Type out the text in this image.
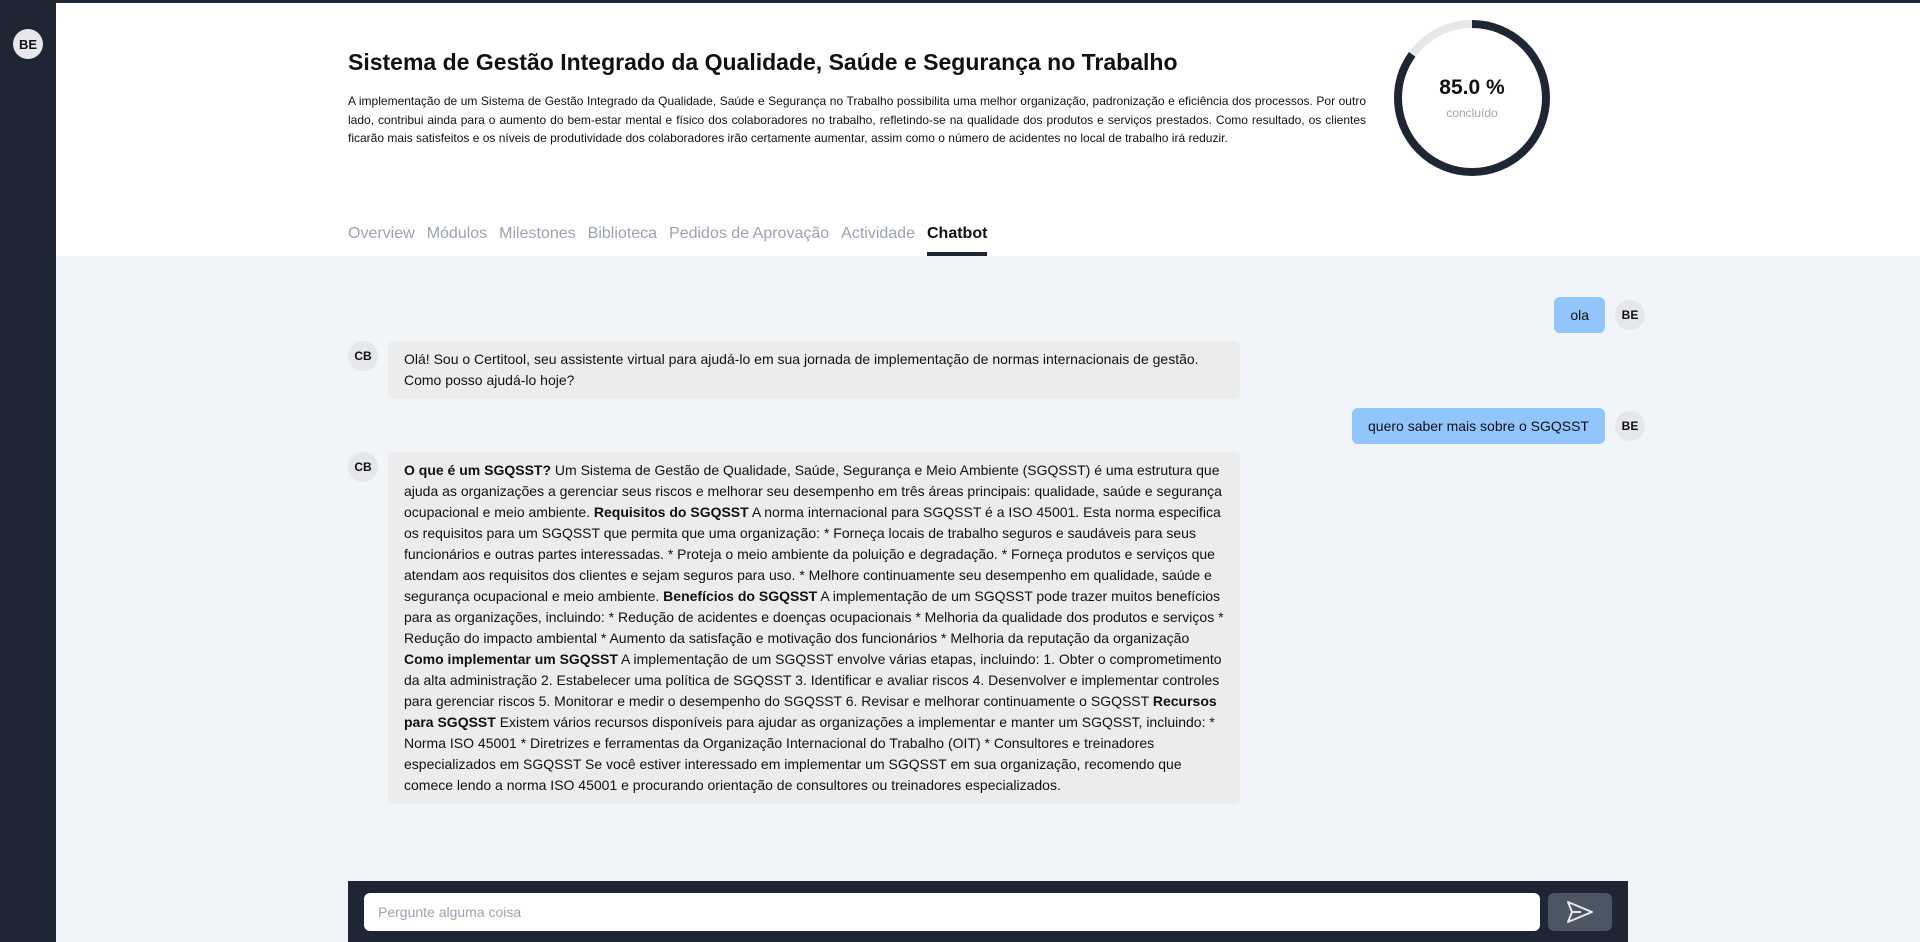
BE
Sistema de Gestão Integrado da Qualidade, Saúde e Segurança no Trabalho

A implementação de um Sistema de Gestão Integrado da Qualidade, Saúde e Segurança no Trabalho possibilita uma melhor organização, padronização e eficiência dos processos. Por outro lado, contribui ainda para o aumento do bem-estar mental e físico dos colaboradores no trabalho, refletindo-se na qualidade dos produtos e serviços prestados. Como resultado, os clientes ficarão mais satisfeitos e os níveis de produtividade dos colaboradores irão certamente aumentar, assim como o número de acidentes no local de trabalho irá reduzir.

85.0 %
concluído
Overview Módulos Milestones Biblioteca Pedidos de Aprovação Actividade Chatbot
ola	BE
CB	Olá! Sou o Certitool, seu assistente virtual para ajudá-lo em sua jornada de implementação de normas internacionais de gestão. Como posso ajudá-lo hoje?
quero saber mais sobre o SGQSST	BE
CB	O que é um SGQSST? Um Sistema de Gestão de Qualidade, Saúde, Segurança e Meio Ambiente (SGQSST) é uma estrutura que ajuda as organizações a gerenciar seus riscos e melhorar seu desempenho em três áreas principais: qualidade, saúde e segurança ocupacional e meio ambiente. Requisitos do SGQSST A norma internacional para SGQSST é a ISO 45001. Esta norma especifica os requisitos para um SGQSST que permita que uma organização: * Forneça locais de trabalho seguros e saudáveis para seus funcionários e outras partes interessadas. * Proteja o meio ambiente da poluição e degradação. * Forneça produtos e serviços que atendam aos requisitos dos clientes e sejam seguros para uso. * Melhore continuamente seu desempenho em qualidade, saúde e segurança ocupacional e meio ambiente. Benefícios do SGQSST A implementação de um SGQSST pode trazer muitos benefícios para as organizações, incluindo: * Redução de acidentes e doenças ocupacionais * Melhoria da qualidade dos produtos e serviços * Redução do impacto ambiental * Aumento da satisfação e motivação dos funcionários * Melhoria da reputação da organização Como implementar um SGQSST A implementação de um SGQSST envolve várias etapas, incluindo: 1. Obter o comprometimento da alta administração 2. Estabelecer uma política de SGQSST 3. Identificar e avaliar riscos 4. Desenvolver e implementar controles para gerenciar riscos 5. Monitorar e medir o desempenho do SGQSST 6. Revisar e melhorar continuamente o SGQSST Recursos para SGQSST Existem vários recursos disponíveis para ajudar as organizações a implementar e manter um SGQSST, incluindo: * Norma ISO 45001 * Diretrizes e ferramentas da Organização Internacional do Trabalho (OIT) * Consultores e treinadores especializados em SGQSST Se você estiver interessado em implementar um SGQSST em sua organização, recomendo que comece lendo a norma ISO 45001 e procurando orientação de consultores ou treinadores especializados.
Pergunte alguma coisa
